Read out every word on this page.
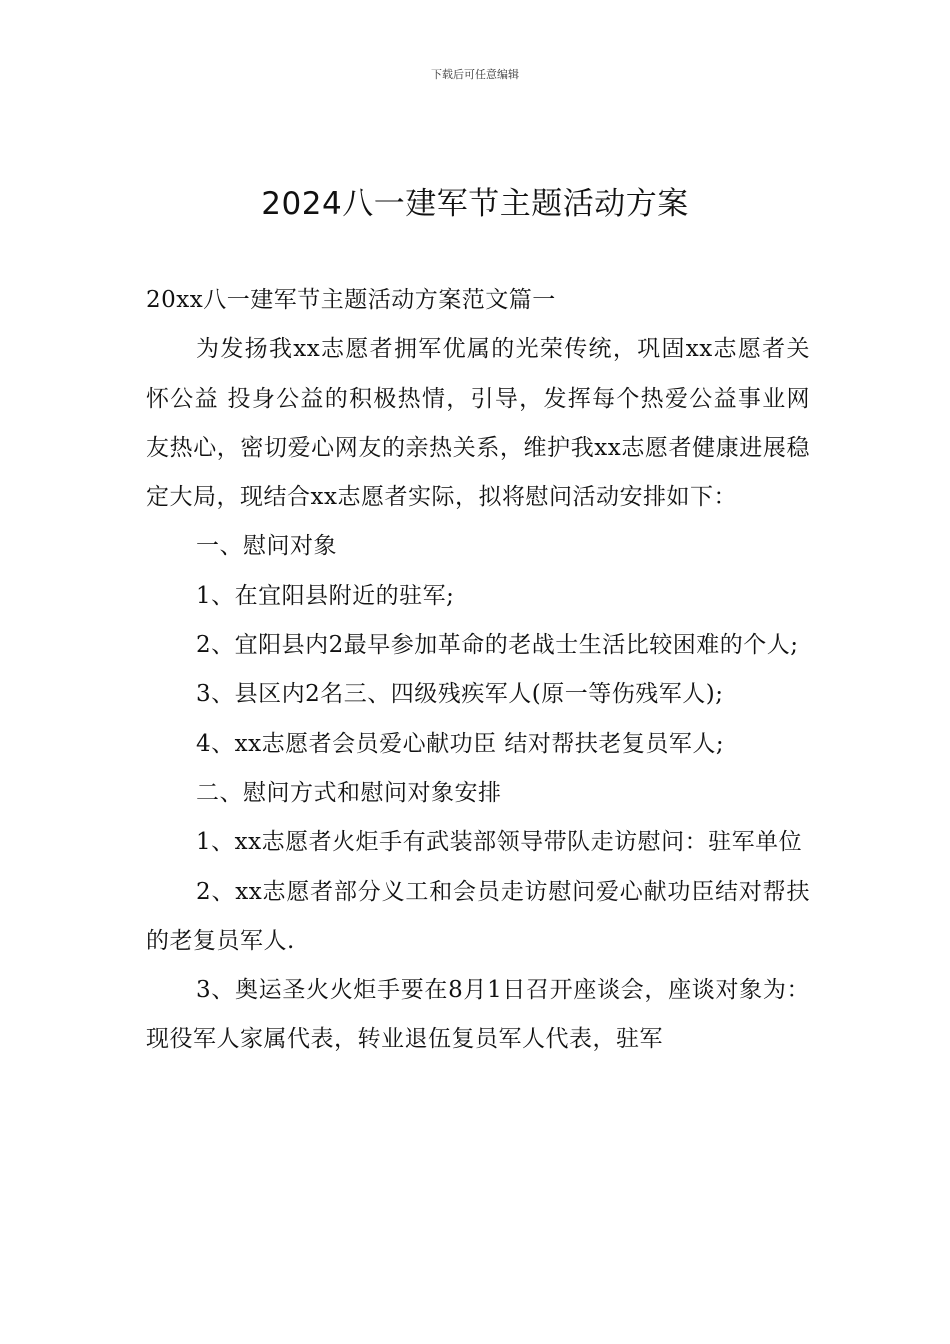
下载后可任意编辑
2024八一建军节主题活动方案

20xx八一建军节主题活动方案范文篇一

为发扬我xx志愿者拥军优属的光荣传统，巩固xx志愿者关怀公益 投身公益的积极热情，引导，发挥每个热爱公益事业网友热心，密切爱心网友的亲热关系，维护我xx志愿者健康进展稳定大局，现结合xx志愿者实际，拟将慰问活动安排如下：

一、慰问对象

1、在宜阳县附近的驻军;

2、宜阳县内2最早参加革命的老战士生活比较困难的个人;

3、县区内2名三、四级残疾军人(原一等伤残军人);

4、xx志愿者会员爱心献功臣 结对帮扶老复员军人;

二、慰问方式和慰问对象安排

1、xx志愿者火炬手有武装部领导带队走访慰问：驻军单位

2、xx志愿者部分义工和会员走访慰问爱心献功臣结对帮扶的老复员军人.

3、奥运圣火火炬手要在8月1日召开座谈会，座谈对象为：现役军人家属代表，转业退伍复员军人代表，驻军
